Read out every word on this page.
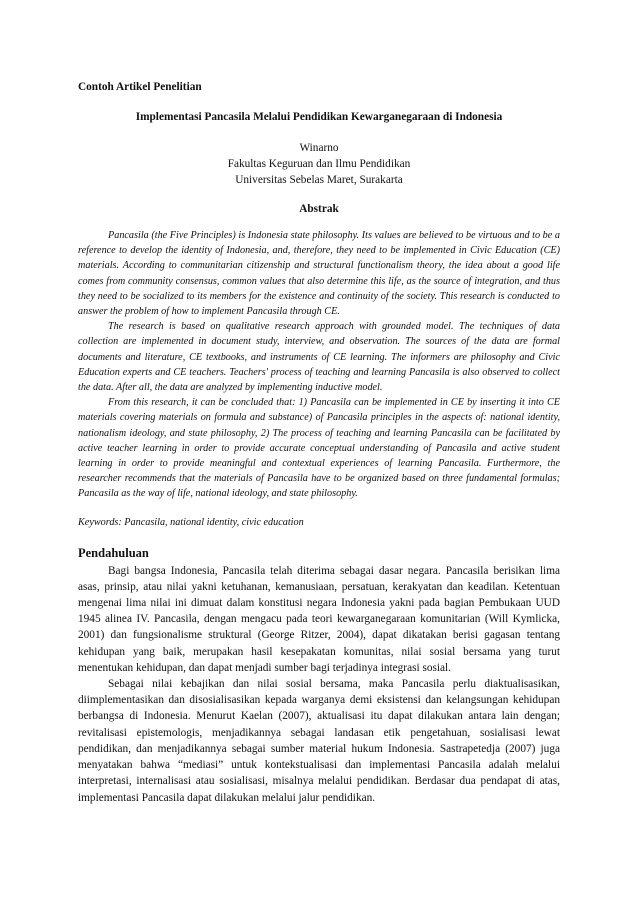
Contoh Artikel Penelitian
Implementasi Pancasila Melalui Pendidikan Kewarganegaraan di Indonesia
Winarno
Fakultas Keguruan dan Ilmu Pendidikan
Universitas Sebelas Maret, Surakarta
Abstrak

Pancasila (the Five Principles) is Indonesia state philosophy. Its values are believed to be virtuous and to be a reference to develop the identity of Indonesia, and, therefore, they need to be implemented in Civic Education (CE) materials. According to communitarian citizenship and structural functionalism theory, the idea about a good life comes from community consensus, common values that also determine this life, as the source of integration, and thus they need to be socialized to its members for the existence and continuity of the society. This research is conducted to answer the problem of how to implement Pancasila through CE.

The research is based on qualitative research approach with grounded model. The techniques of data collection are implemented in document study, interview, and observation. The sources of the data are formal documents and literature, CE textbooks, and instruments of CE learning. The informers are philosophy and Civic Education experts and CE teachers. Teachers' process of teaching and learning Pancasila is also observed to collect the data. After all, the data are analyzed by implementing inductive model.

From this research, it can be concluded that: 1) Pancasila can be implemented in CE by inserting it into CE materials covering materials on formula and substance) of Pancasila principles in the aspects of: national identity, nationalism ideology, and state philosophy, 2) The process of teaching and learning Pancasila can be facilitated by active teacher learning in order to provide accurate conceptual understanding of Pancasila and active student learning in order to provide meaningful and contextual experiences of learning Pancasila. Furthermore, the researcher recommends that the materials of Pancasila have to be organized based on three fundamental formulas; Pancasila as the way of life, national ideology, and state philosophy.

Keywords: Pancasila, national identity, civic education
Pendahuluan

Bagi bangsa Indonesia, Pancasila telah diterima sebagai dasar negara. Pancasila berisikan lima asas, prinsip, atau nilai yakni ketuhanan, kemanusiaan, persatuan, kerakyatan dan keadilan. Ketentuan mengenai lima nilai ini dimuat dalam konstitusi negara Indonesia yakni pada bagian Pembukaan UUD 1945 alinea IV. Pancasila, dengan mengacu pada teori kewarganegaraan komunitarian (Will Kymlicka, 2001) dan fungsionalisme struktural (George Ritzer, 2004), dapat dikatakan berisi gagasan tentang kehidupan yang baik, merupakan hasil kesepakatan komunitas, nilai sosial bersama yang turut menentukan kehidupan, dan dapat menjadi sumber bagi terjadinya integrasi sosial.

Sebagai nilai kebajikan dan nilai sosial bersama, maka Pancasila perlu diaktualisasikan, diimplementasikan dan disosialisasikan kepada warganya demi eksistensi dan kelangsungan kehidupan berbangsa di Indonesia. Menurut Kaelan (2007), aktualisasi itu dapat dilakukan antara lain dengan; revitalisasi epistemologis, menjadikannya sebagai landasan etik pengetahuan, sosialisasi lewat pendidikan, dan menjadikannya sebagai sumber material hukum Indonesia. Sastrapetedja (2007) juga menyatakan bahwa “mediasi” untuk kontekstualisasi dan implementasi Pancasila adalah melalui interpretasi, internalisasi atau sosialisasi, misalnya melalui pendidikan. Berdasar dua pendapat di atas, implementasi Pancasila dapat dilakukan melalui jalur pendidikan.
